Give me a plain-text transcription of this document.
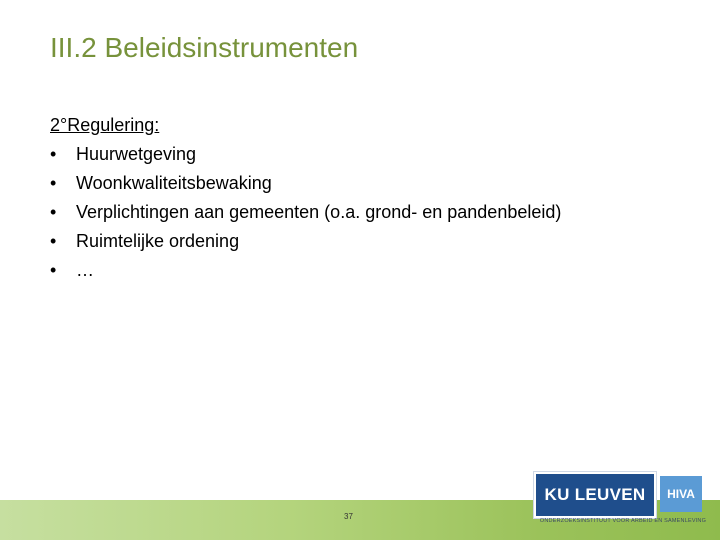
III.2 Beleidsinstrumenten
2°Regulering:
• Huurwetgeving
• Woonkwaliteitsbewaking
• Verplichtingen aan gemeenten (o.a. grond- en pandenbeleid)
• Ruimtelijke ordening
• …
37
KU LEUVEN	HIVA
ONDERZOEKSINSTITUUT VOOR ARBEID EN SAMENLEVING
